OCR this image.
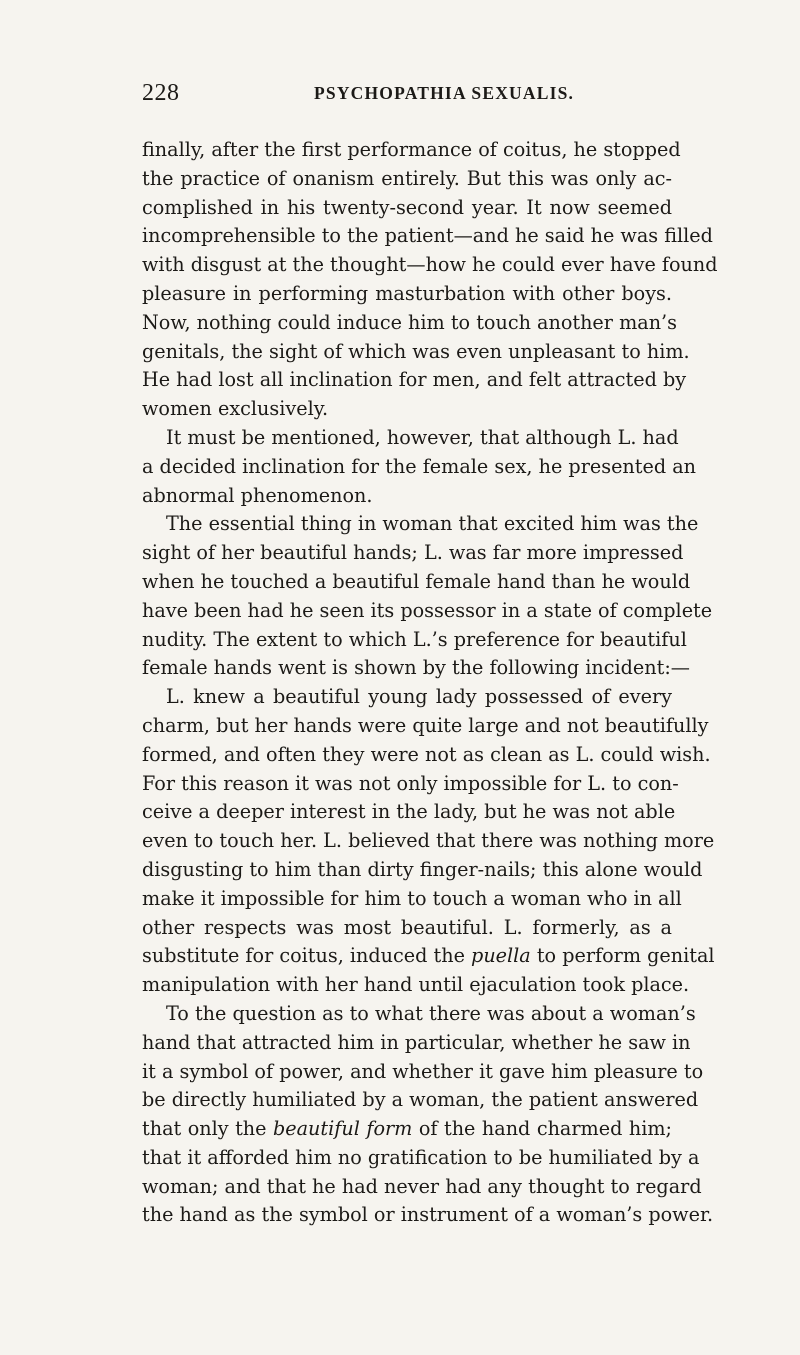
228	PSYCHOPATHIA SEXUALIS.
finally, after the first performance of coitus, he stopped
the practice of onanism entirely. But this was only ac-
complished in his twenty-second year. It now seemed
incomprehensible to the patient—and he said he was filled
with disgust at the thought—how he could ever have found
pleasure in performing masturbation with other boys.
Now, nothing could induce him to touch another man’s
genitals, the sight of which was even unpleasant to him.
He had lost all inclination for men, and felt attracted by
women exclusively.
It must be mentioned, however, that although L. had
a decided inclination for the female sex, he presented an
abnormal phenomenon.
The essential thing in woman that excited him was the
sight of her beautiful hands; L. was far more impressed
when he touched a beautiful female hand than he would
have been had he seen its possessor in a state of complete
nudity. The extent to which L.’s preference for beautiful
female hands went is shown by the following incident:—
L. knew a beautiful young lady possessed of every
charm, but her hands were quite large and not beautifully
formed, and often they were not as clean as L. could wish.
For this reason it was not only impossible for L. to con-
ceive a deeper interest in the lady, but he was not able
even to touch her. L. believed that there was nothing more
disgusting to him than dirty finger-nails; this alone would
make it impossible for him to touch a woman who in all
other respects was most beautiful. L. formerly, as a
substitute for coitus, induced the puella to perform genital
manipulation with her hand until ejaculation took place.
To the question as to what there was about a woman’s
hand that attracted him in particular, whether he saw in
it a symbol of power, and whether it gave him pleasure to
be directly humiliated by a woman, the patient answered
that only the beautiful form of the hand charmed him;
that it afforded him no gratification to be humiliated by a
woman; and that he had never had any thought to regard
the hand as the symbol or instrument of a woman’s power.
